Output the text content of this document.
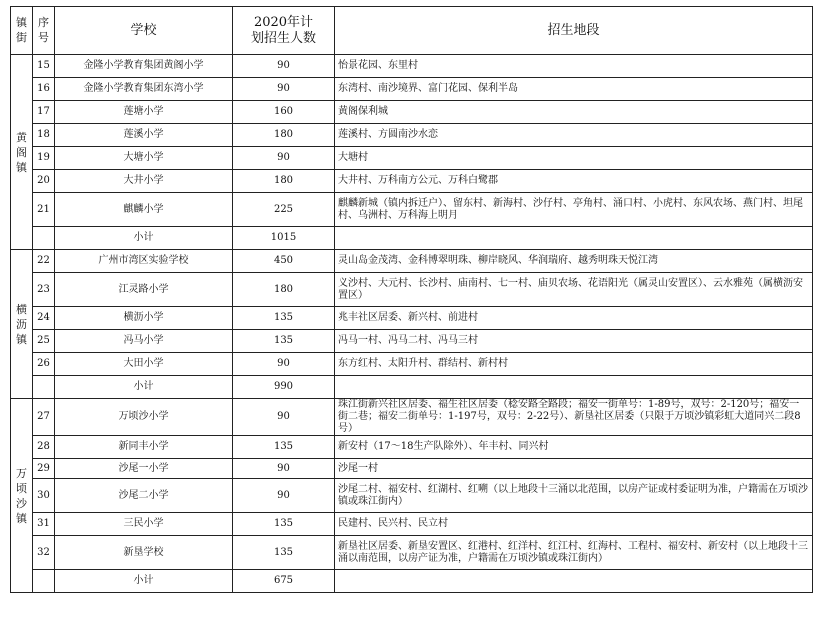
镇街	序号	学校	2020年计划招生人数	招生地段
黄阁镇	15	金隆小学教育集团黄阁小学	90	怡景花园、东里村
	16	金隆小学教育集团东湾小学	90	东湾村、南沙境界、富门花园、保利半岛
	17	莲塘小学	160	黄阁保利城
	18	莲溪小学	180	莲溪村、方圆南沙水恋
	19	大塘小学	90	大塘村
	20	大井小学	180	大井村、万科南方公元、万科白鹭郡
	21	麒麟小学	225	麒麟新城（镇内拆迁户）、留东村、新海村、沙仔村、亭角村、涌口村、小虎村、东风农场、燕门村、坦尾村、乌洲村、万科海上明月
		小计	1015	
横沥镇	22	广州市湾区实验学校	450	灵山岛金茂湾、金科博翠明珠、柳岸晓风、华润瑞府、越秀明珠天悦江湾
	23	江灵路小学	180	义沙村、大元村、长沙村、庙南村、七一村、庙贝农场、花语阳光（属灵山安置区）、云水雅苑（属横沥安置区）
	24	横沥小学	135	兆丰社区居委、新兴村、前进村
	25	冯马小学	135	冯马一村、冯马二村、冯马三村
	26	大田小学	90	东方红村、太阳升村、群结村、新村村
		小计	990	
万顷沙镇	27	万顷沙小学	90	珠江街新兴社区居委、福生社区居委（稔安路全路段；福安一街单号：1-89号，双号：2-120号；福安一街二巷；福安二街单号：1-197号，双号：2-22号）、新垦社区居委（只限于万顷沙镇彩虹大道同兴二段8号）
	28	新同丰小学	135	新安村（17～18生产队除外）、年丰村、同兴村
	29	沙尾一小学	90	沙尾一村
	30	沙尾二小学	90	沙尾二村、福安村、红湖村、红嗍（以上地段十三涌以北范围，以房产证或村委证明为准，户籍需在万顷沙镇或珠江街内）
	31	三民小学	135	民建村、民兴村、民立村
	32	新垦学校	135	新垦社区居委、新垦安置区、红港村、红洋村、红江村、红海村、工程村、福安村、新安村（以上地段十三涌以南范围，以房产证为准，户籍需在万顷沙镇或珠江街内）
		小计	675	
